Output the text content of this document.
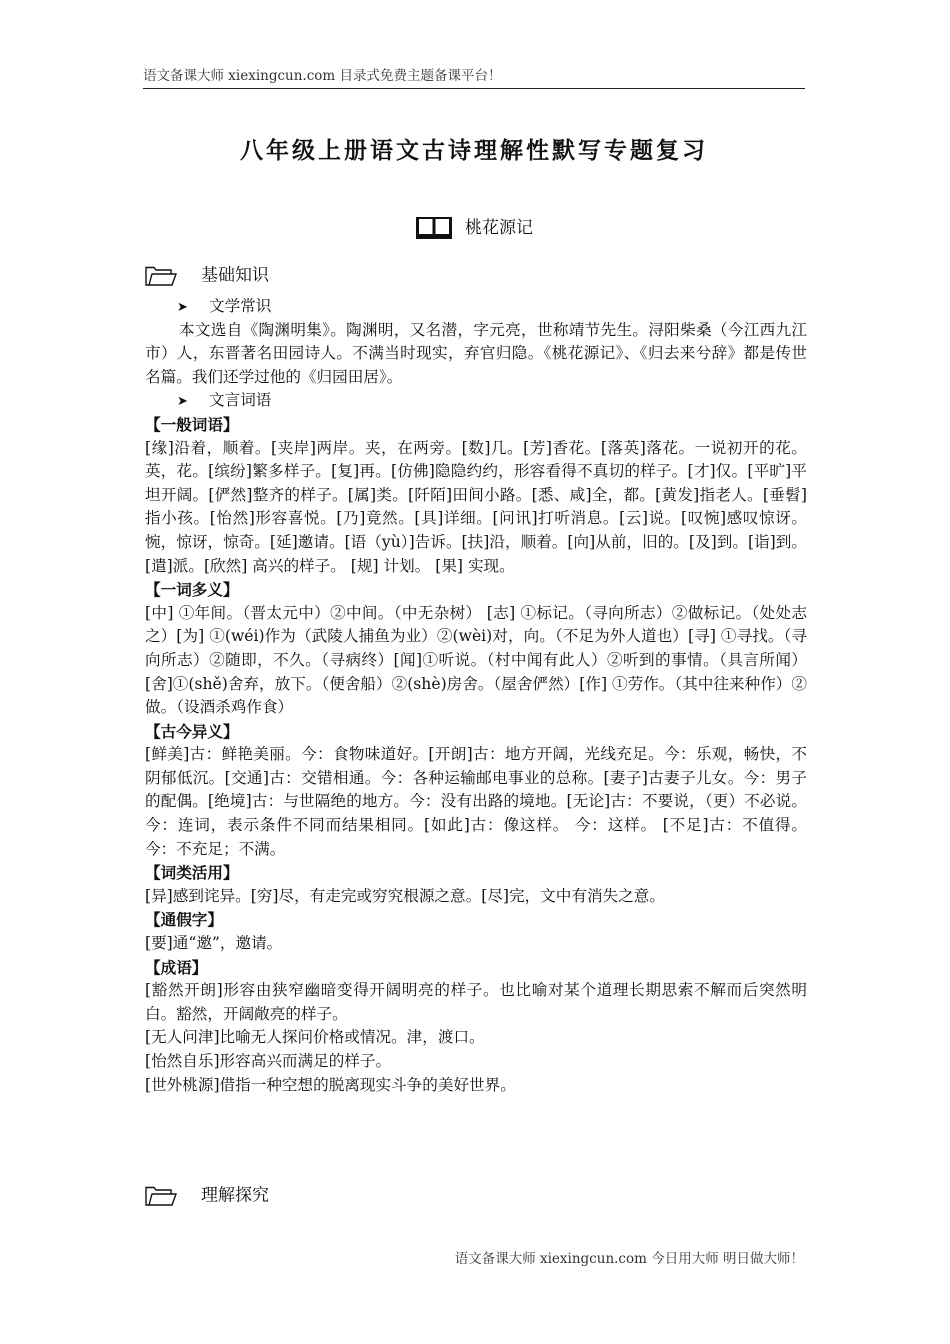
语文备课大师 xiexingcun.com 目录式免费主题备课平台！
八年级上册语文古诗理解性默写专题复习
桃花源记
基础知识
➤ 文学常识
本文选自《陶渊明集》。陶渊明，又名潜，字元亮，世称靖节先生。浔阳柴桑（今江西九江市）人，东晋著名田园诗人。不满当时现实，弃官归隐。《桃花源记》、《归去来兮辞》都是传世名篇。我们还学过他的《归园田居》。
➤ 文言词语
【一般词语】
[缘]沿着，顺着。[夹岸]两岸。夹，在两旁。[数]几。[芳]香花。[落英]落花。一说初开的花。英，花。[缤纷]繁多样子。[复]再。[仿佛]隐隐约约，形容看得不真切的样子。[才]仅。[平旷]平坦开阔。[俨然]整齐的样子。[属]类。[阡陌]田间小路。[悉、咸]全，都。[黄发]指老人。[垂髫]指小孩。[怡然]形容喜悦。[乃]竟然。[具]详细。[问讯]打听消息。[云]说。[叹惋]感叹惊讶。惋，惊讶，惊奇。[延]邀请。[语（yù）]告诉。[扶]沿，顺着。[向]从前，旧的。[及]到。[诣]到。[遣]派。[欣然] 高兴的样子。 [规] 计划。 [果] 实现。
【一词多义】
[中] ①年间。（晋太元中）②中间。（中无杂树） [志] ①标记。（寻向所志）②做标记。（处处志之）[为] ①(wéi)作为（武陵人捕鱼为业）②(wèi)对，向。（不足为外人道也）[寻] ①寻找。（寻向所志）②随即，不久。（寻病终）[闻]①听说。（村中闻有此人）②听到的事情。（具言所闻）[舍]①(shě)舍弃，放下。（便舍船）②(shè)房舍。（屋舍俨然）[作] ①劳作。（其中往来种作）②做。（设酒杀鸡作食）
【古今异义】
[鲜美]古：鲜艳美丽。今：食物味道好。[开朗]古：地方开阔，光线充足。今：乐观，畅快，不阴郁低沉。[交通]古：交错相通。今：各种运输邮电事业的总称。[妻子]古妻子儿女。今：男子的配偶。[绝境]古：与世隔绝的地方。今：没有出路的境地。[无论]古：不要说，（更）不必说。今：连词，表示条件不同而结果相同。[如此]古：像这样。 今：这样。 [不足]古：不值得。 今：不充足；不满。
【词类活用】
[异]感到诧异。[穷]尽，有走完或穷究根源之意。[尽]完，文中有消失之意。
【通假字】
[要]通“邀”，邀请。
【成语】
[豁然开朗]形容由狭窄幽暗变得开阔明亮的样子。也比喻对某个道理长期思索不解而后突然明白。豁然，开阔敞亮的样子。
[无人问津]比喻无人探问价格或情况。津，渡口。
[怡然自乐]形容高兴而满足的样子。
[世外桃源]借指一种空想的脱离现实斗争的美好世界。
理解探究
语文备课大师 xiexingcun.com 今日用大师 明日做大师！
